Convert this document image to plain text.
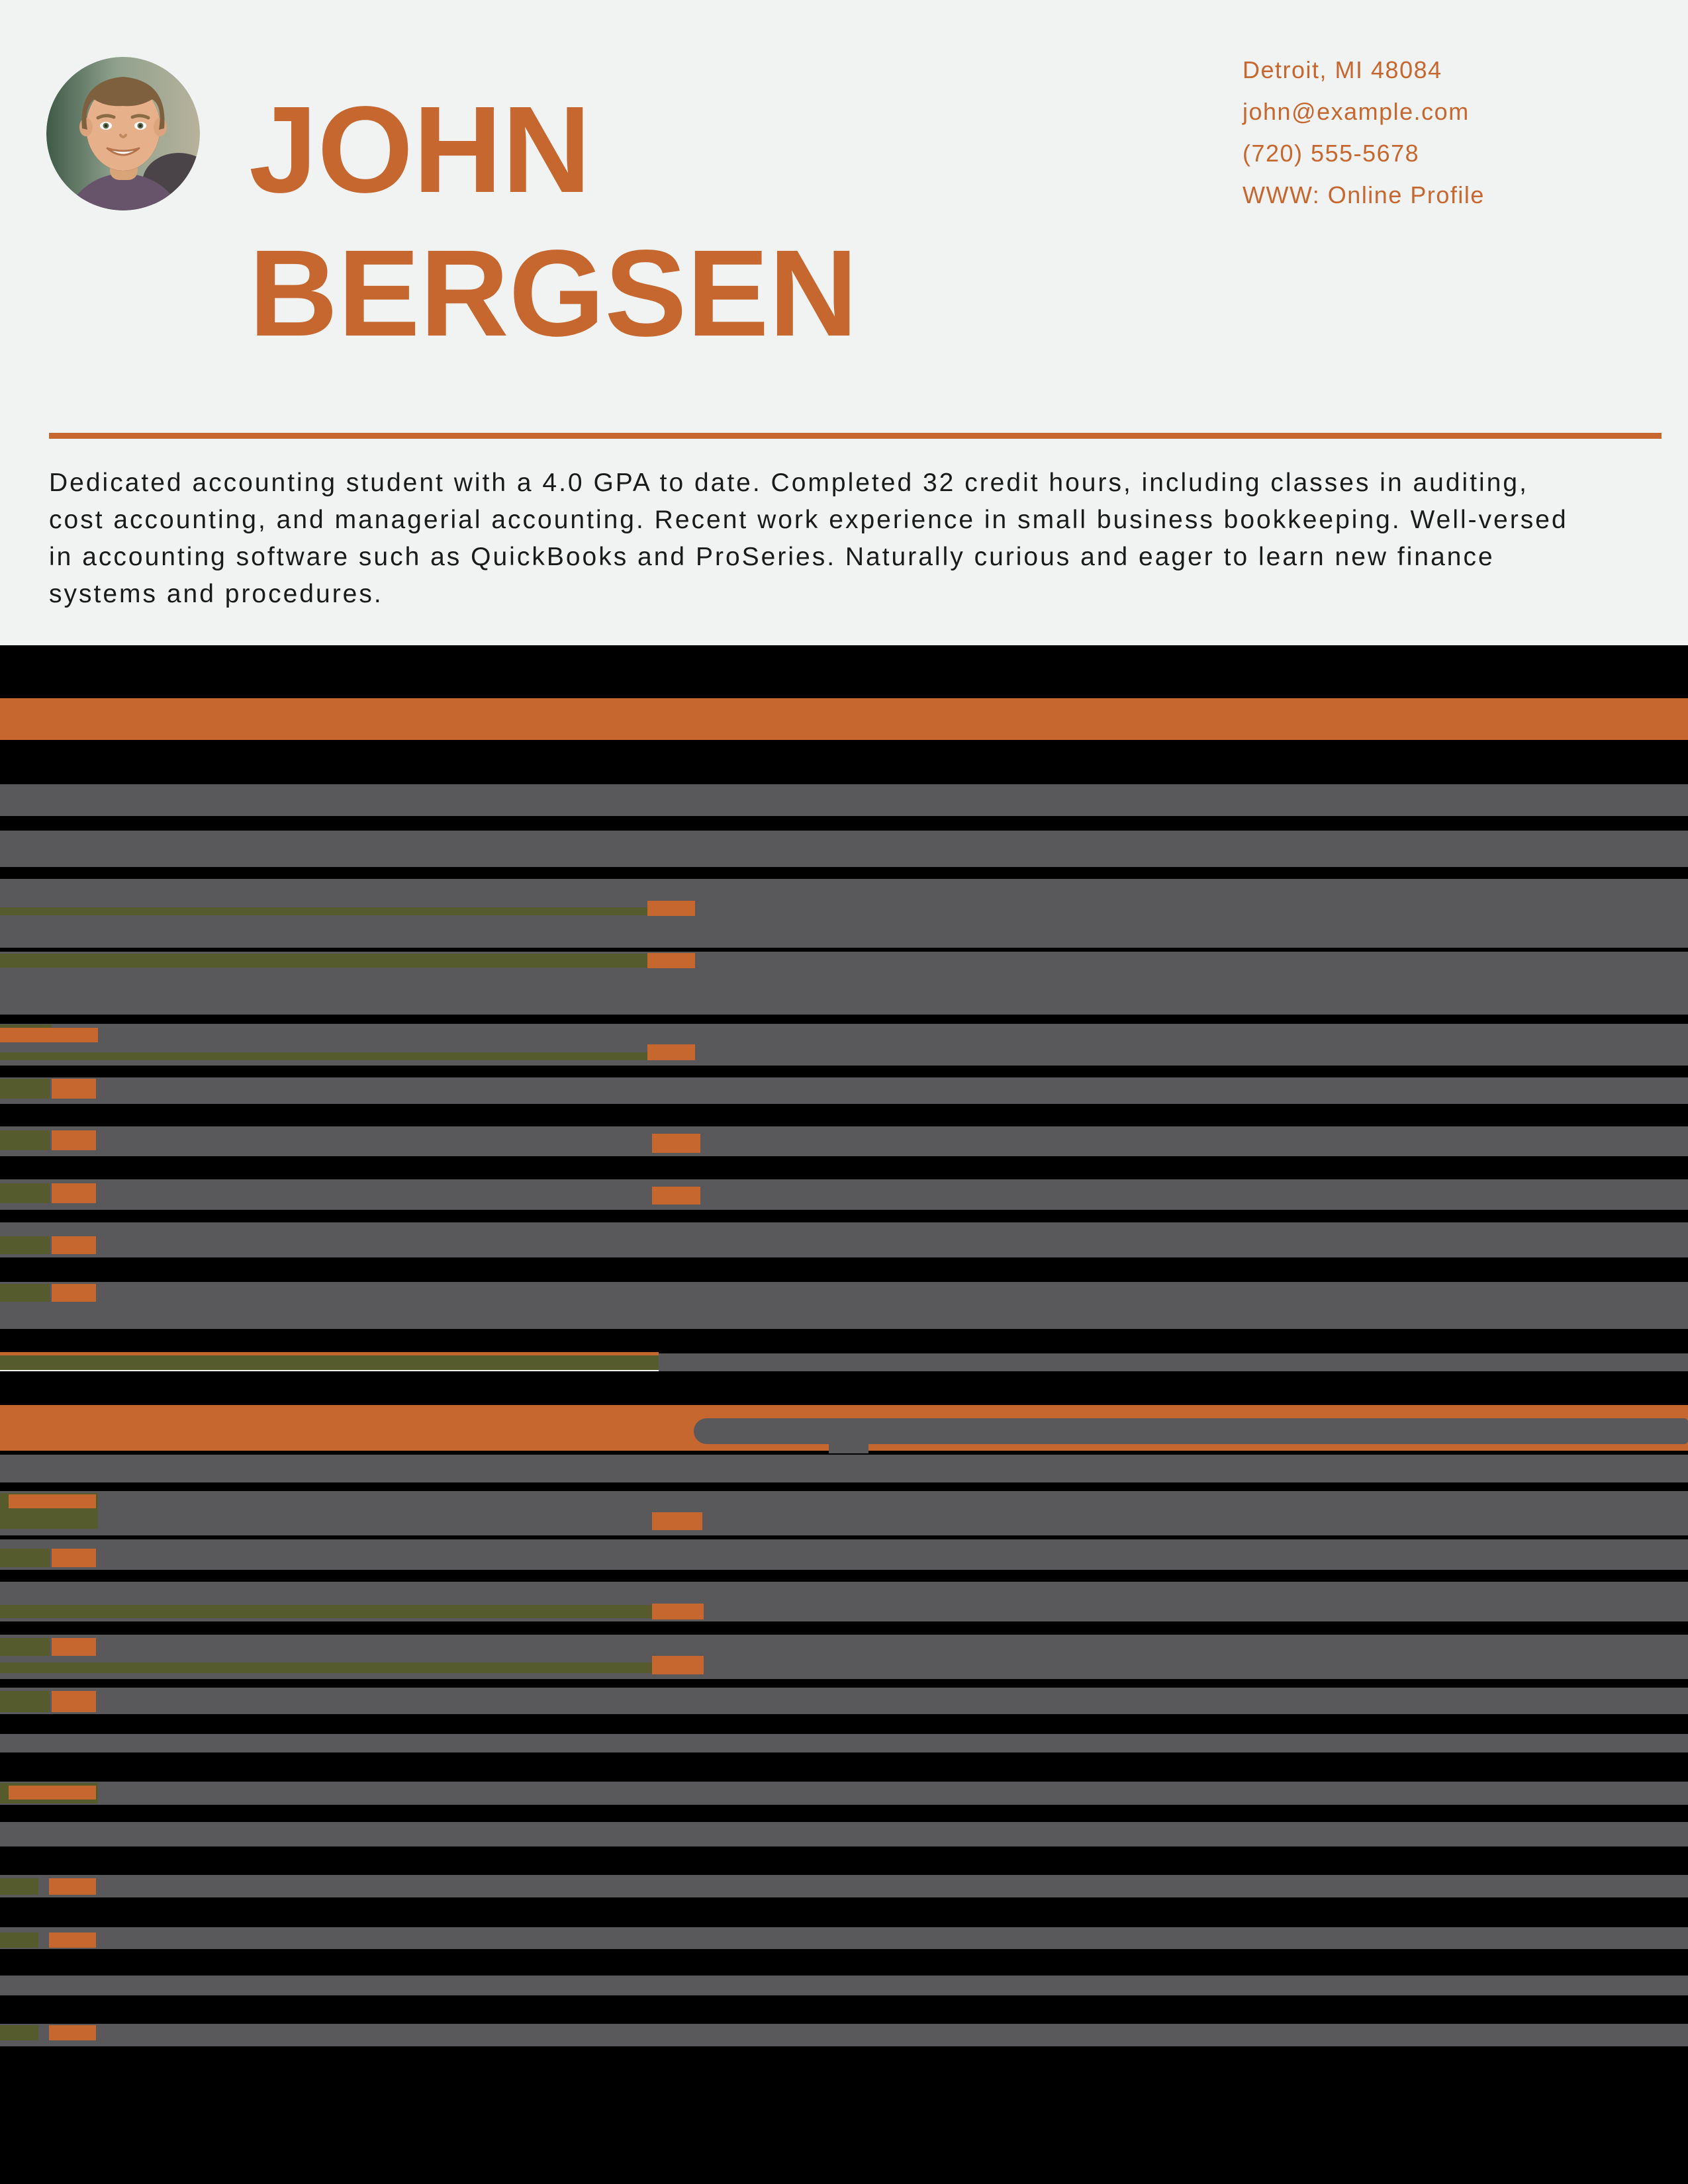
JOHN
BERGSEN
Detroit, MI 48084
john@example.com
(720) 555-5678
WWW: Online Profile
Dedicated accounting student with a 4.0 GPA to date. Completed 32 credit hours, including classes in auditing,
cost accounting, and managerial accounting. Recent work experience in small business bookkeeping. Well-versed
in accounting software such as QuickBooks and ProSeries. Naturally curious and eager to learn new finance
systems and procedures.
